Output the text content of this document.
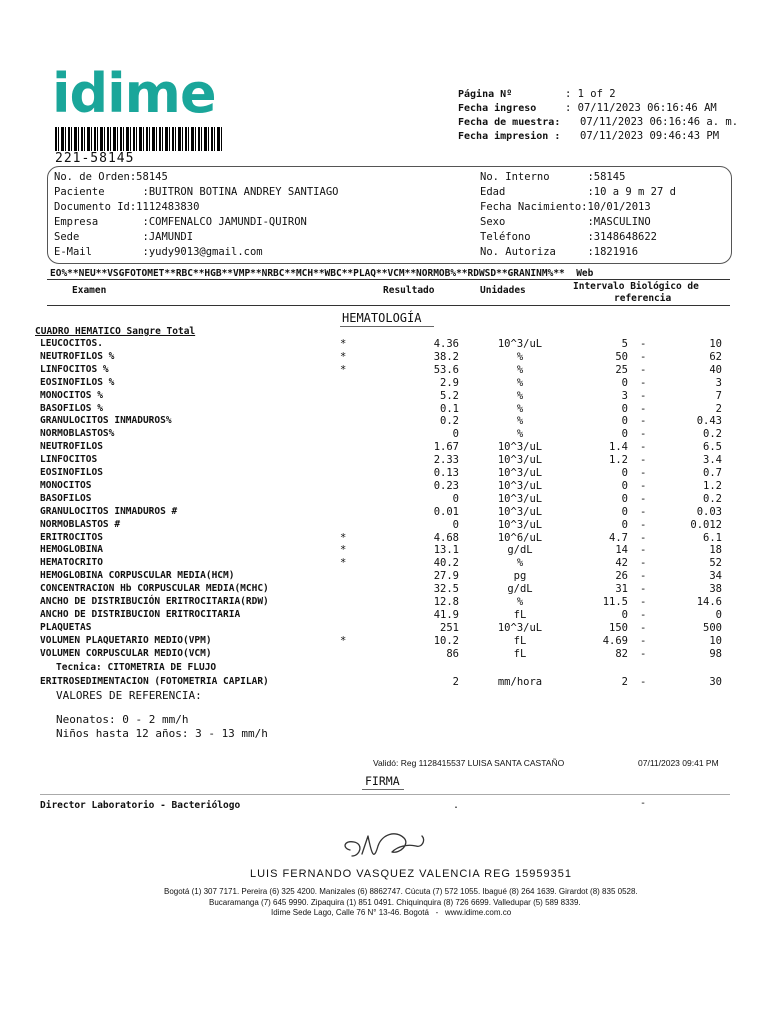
idime
221-58145
Página Nº	: 1 of 2
Fecha ingreso	: 07/11/2023 06:16:46 AM
Fecha de muestra: 07/11/2023 06:16:46 a. m.
Fecha impresion : 07/11/2023 09:46:43 PM
No. de Orden:58145
Paciente      :BUITRON BOTINA ANDREY SANTIAGO
Documento Id:1112483830
Empresa       :COMFENALCO JAMUNDI-QUIRON
Sede          :JAMUNDI
E-Mail        :yudy9013@gmail.com
No. Interno      :58145
Edad             :10 a 9 m 27 d
Fecha Nacimiento:10/01/2013
Sexo             :MASCULINO
Teléfono         :3148648622
No. Autoriza     :1821916
EO%**NEU**VSGFOTOMET**RBC**HGB**VMP**NRBC**MCH**WBC**PLAQ**VCM**NORMOB%**RDWSD**GRANINM%**  Web
Examen	Resultado	Unidades	Intervalo Biológico de
referencia
HEMATOLOGÍA
CUADRO HEMATICO Sangre Total
LEUCOCITOS.	*	4.36	10^3/uL	5 -	10
NEUTROFILOS %	*	38.2	%	50 -	62
LINFOCITOS %	*	53.6	%	25 -	40
EOSINOFILOS %	2.9	%	0 -	3
MONOCITOS %	5.2	%	3 -	7
BASOFILOS %	0.1	%	0 -	2
GRANULOCITOS INMADUROS%	0.2	%	0 -	0.43
NORMOBLASTOS%	0	%	0 -	0.2
NEUTROFILOS	1.67	10^3/uL	1.4 -	6.5
LINFOCITOS	2.33	10^3/uL	1.2 -	3.4
EOSINOFILOS	0.13	10^3/uL	0 -	0.7
MONOCITOS	0.23	10^3/uL	0 -	1.2
BASOFILOS	0	10^3/uL	0 -	0.2
GRANULOCITOS INMADUROS #	0.01	10^3/uL	0 -	0.03
NORMOBLASTOS #	0	10^3/uL	0 -	0.012
ERITROCITOS	*	4.68	10^6/uL	4.7 -	6.1
HEMOGLOBINA	*	13.1	g/dL	14 -	18
HEMATOCRITO	*	40.2	%	42 -	52
HEMOGLOBINA CORPUSCULAR MEDIA(HCM)	27.9	pg	26 -	34
CONCENTRACION Hb CORPUSCULAR MEDIA(MCHC)	32.5	g/dL	31 -	38
ANCHO DE DISTRIBUCIÓN ERITROCITARIA(RDW)	12.8	%	11.5 -	14.6
ANCHO DE DISTRIBUCION ERITROCITARIA	41.9	fL	0 -	0
PLAQUETAS	251	10^3/uL	150 -	500
VOLUMEN PLAQUETARIO MEDIO(VPM)	*	10.2	fL	4.69 -	10
VOLUMEN CORPUSCULAR MEDIO(VCM)	86	fL	82 -	98
Tecnica: CITOMETRIA DE FLUJO
ERITROSEDIMENTACION (FOTOMETRIA CAPILAR)	2	mm/hora	2 -	30
VALORES DE REFERENCIA:
Neonatos: 0 - 2 mm/h
Niños hasta 12 años: 3 - 13 mm/h
Validó: Reg 1128415537 LUISA SANTA CASTAÑO	07/11/2023 09:41 PM
FIRMA
Director Laboratorio - Bacteriólogo	.	-
LUIS FERNANDO VASQUEZ VALENCIA REG 15959351
Bogotá (1) 307 7171. Pereira (6) 325 4200. Manizales (6) 8862747. Cúcuta (7) 572 1055. Ibagué (8) 264 1639. Girardot (8) 835 0528.
Bucaramanga (7) 645 9990. Zipaquira (1) 851 0491. Chiquinquira (8) 726 6699. Valledupar (5) 589 8339.
Idime Sede Lago, Calle 76 N° 13-46. Bogotá   -   www.idime.com.co
